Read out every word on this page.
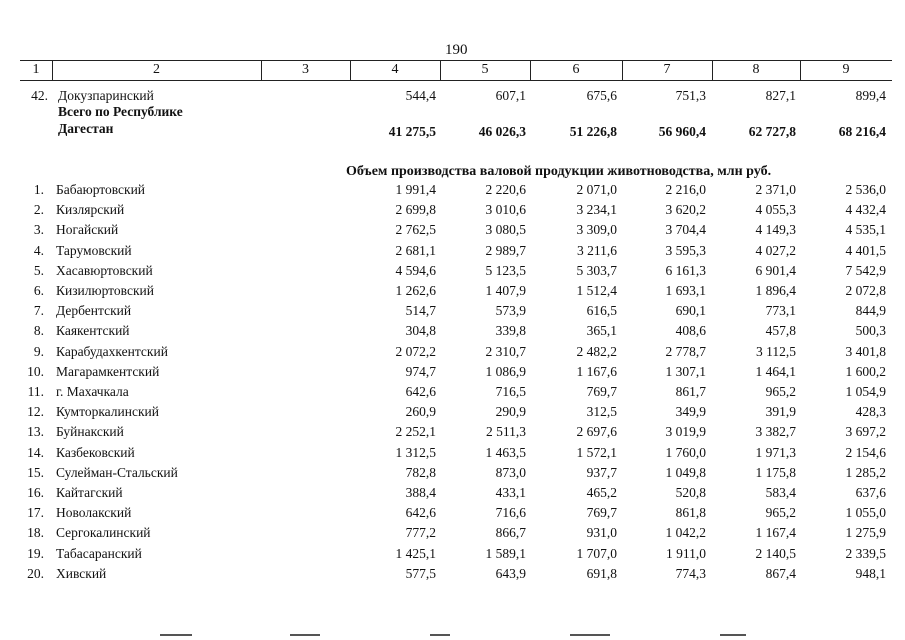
190
1	2	3	4	5	6	7	8	9
42. Докузпаринский	544,4	607,1	675,6	751,3	827,1	899,4
Всего по Республике
Дагестан	41 275,5	46 026,3	51 226,8	56 960,4	62 727,8	68 216,4
Объем производства валовой продукции животноводства, млн руб.
1. Бабаюртовский	1 991,4	2 220,6	2 071,0	2 216,0	2 371,0	2 536,0
2. Кизлярский	2 699,8	3 010,6	3 234,1	3 620,2	4 055,3	4 432,4
3. Ногайский	2 762,5	3 080,5	3 309,0	3 704,4	4 149,3	4 535,1
4. Тарумовский	2 681,1	2 989,7	3 211,6	3 595,3	4 027,2	4 401,5
5. Хасавюртовский	4 594,6	5 123,5	5 303,7	6 161,3	6 901,4	7 542,9
6. Кизилюртовский	1 262,6	1 407,9	1 512,4	1 693,1	1 896,4	2 072,8
7. Дербентский	514,7	573,9	616,5	690,1	773,1	844,9
8. Каякентский	304,8	339,8	365,1	408,6	457,8	500,3
9. Карабудахкентский	2 072,2	2 310,7	2 482,2	2 778,7	3 112,5	3 401,8
10. Магарамкентский	974,7	1 086,9	1 167,6	1 307,1	1 464,1	1 600,2
11. г. Махачкала	642,6	716,5	769,7	861,7	965,2	1 054,9
12. Кумторкалинский	260,9	290,9	312,5	349,9	391,9	428,3
13. Буйнакский	2 252,1	2 511,3	2 697,6	3 019,9	3 382,7	3 697,2
14. Казбековский	1 312,5	1 463,5	1 572,1	1 760,0	1 971,3	2 154,6
15. Сулейман-Стальский	782,8	873,0	937,7	1 049,8	1 175,8	1 285,2
16. Кайтагский	388,4	433,1	465,2	520,8	583,4	637,6
17. Новолакский	642,6	716,6	769,7	861,8	965,2	1 055,0
18. Сергокалинский	777,2	866,7	931,0	1 042,2	1 167,4	1 275,9
19. Табасаранский	1 425,1	1 589,1	1 707,0	1 911,0	2 140,5	2 339,5
20. Хивский	577,5	643,9	691,8	774,3	867,4	948,1
